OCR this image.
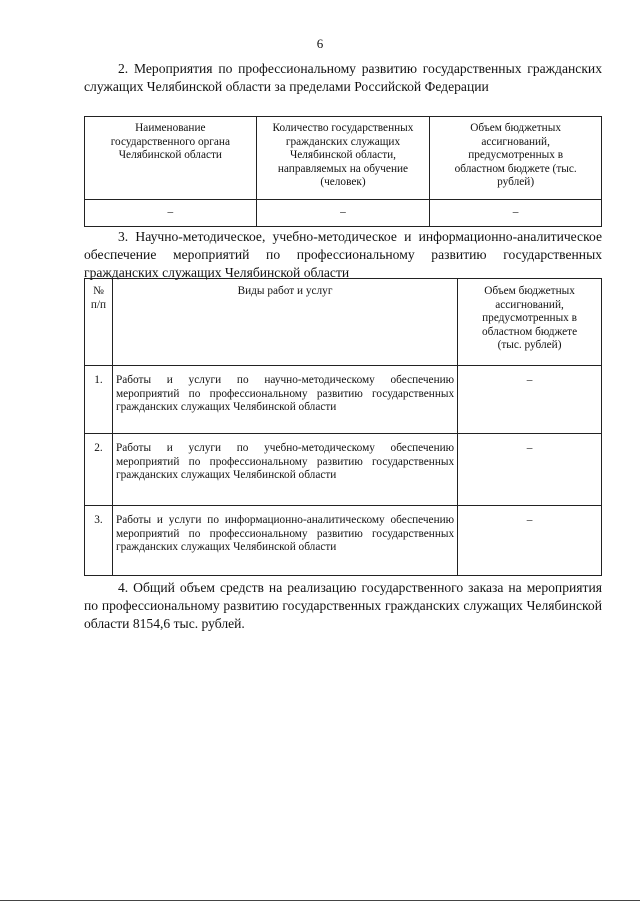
6
2. Мероприятия по профессиональному развитию государственных гражданских служащих Челябинской области за пределами Российской Федерации
Наименование государственного органа Челябинской области	Количество государственных гражданских служащих Челябинской области, направляемых на обучение (человек)	Объем бюджетных ассигнований, предусмотренных в областном бюджете (тыс. рублей)
–	–	–
3. Научно-методическое, учебно-методическое и информационно-аналитическое обеспечение мероприятий по профессиональному развитию государственных гражданских служащих Челябинской области
№ п/п	Виды работ и услуг	Объем бюджетных ассигнований, предусмотренных в областном бюджете (тыс. рублей)
1.	Работы и услуги по научно-методическому обеспечению мероприятий по профессиональному развитию государственных гражданских служащих Челябинской области	–
2.	Работы и услуги по учебно-методическому обеспечению мероприятий по профессиональному развитию государственных гражданских служащих Челябинской области	–
3.	Работы и услуги по информационно-аналитическому обеспечению мероприятий по профессиональному развитию государственных гражданских служащих Челябинской области	–
4. Общий объем средств на реализацию государственного заказа на мероприятия по профессиональному развитию государственных гражданских служащих Челябинской области 8154,6 тыс. рублей.
